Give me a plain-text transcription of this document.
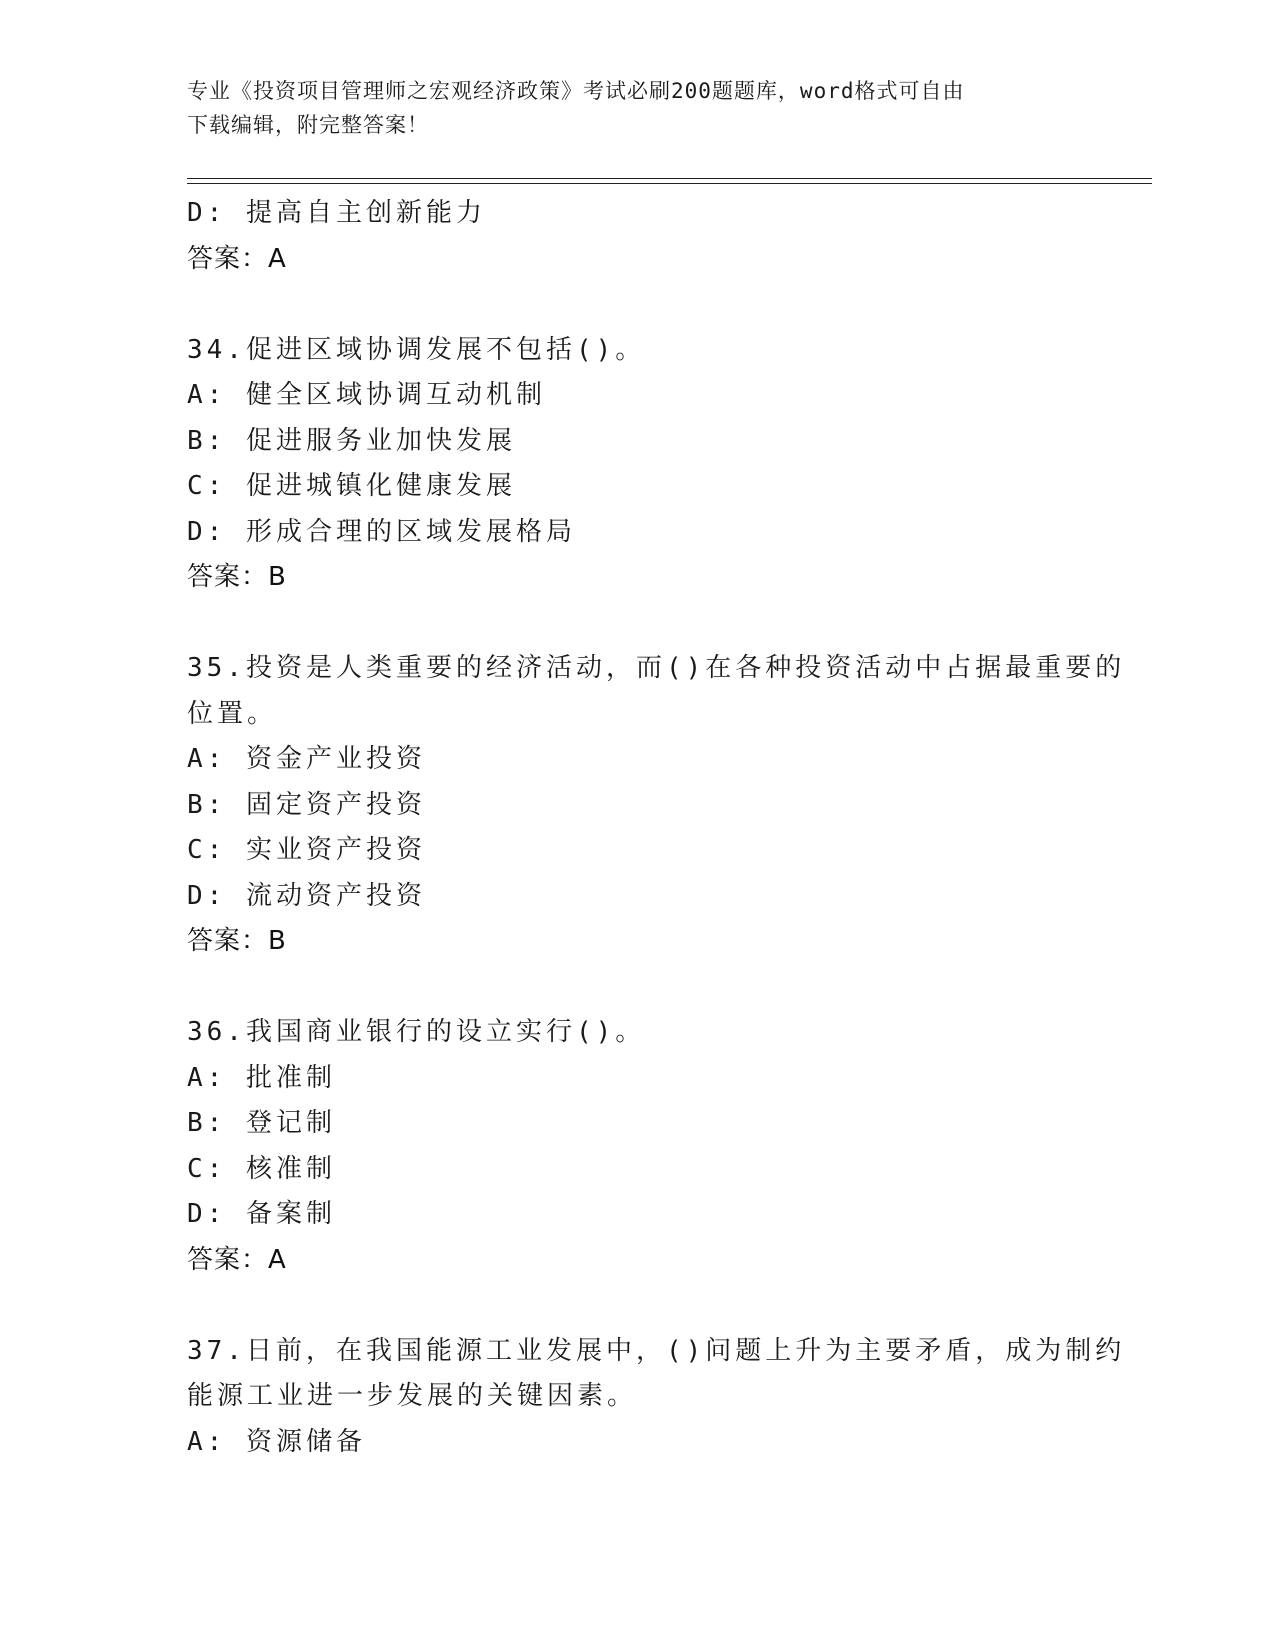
专业《投资项目管理师之宏观经济政策》考试必刷200题题库，word格式可自由
下载编辑，附完整答案！
D: 提高自主创新能力
答案：A
34.促进区域协调发展不包括()。
A: 健全区域协调互动机制
B: 促进服务业加快发展
C: 促进城镇化健康发展
D: 形成合理的区域发展格局
答案：B
35.投资是人类重要的经济活动，而()在各种投资活动中占据最重要的
位置。
A: 资金产业投资
B: 固定资产投资
C: 实业资产投资
D: 流动资产投资
答案：B
36.我国商业银行的设立实行()。
A: 批准制
B: 登记制
C: 核准制
D: 备案制
答案：A
37.日前，在我国能源工业发展中，()问题上升为主要矛盾，成为制约
能源工业进一步发展的关键因素。
A: 资源储备
